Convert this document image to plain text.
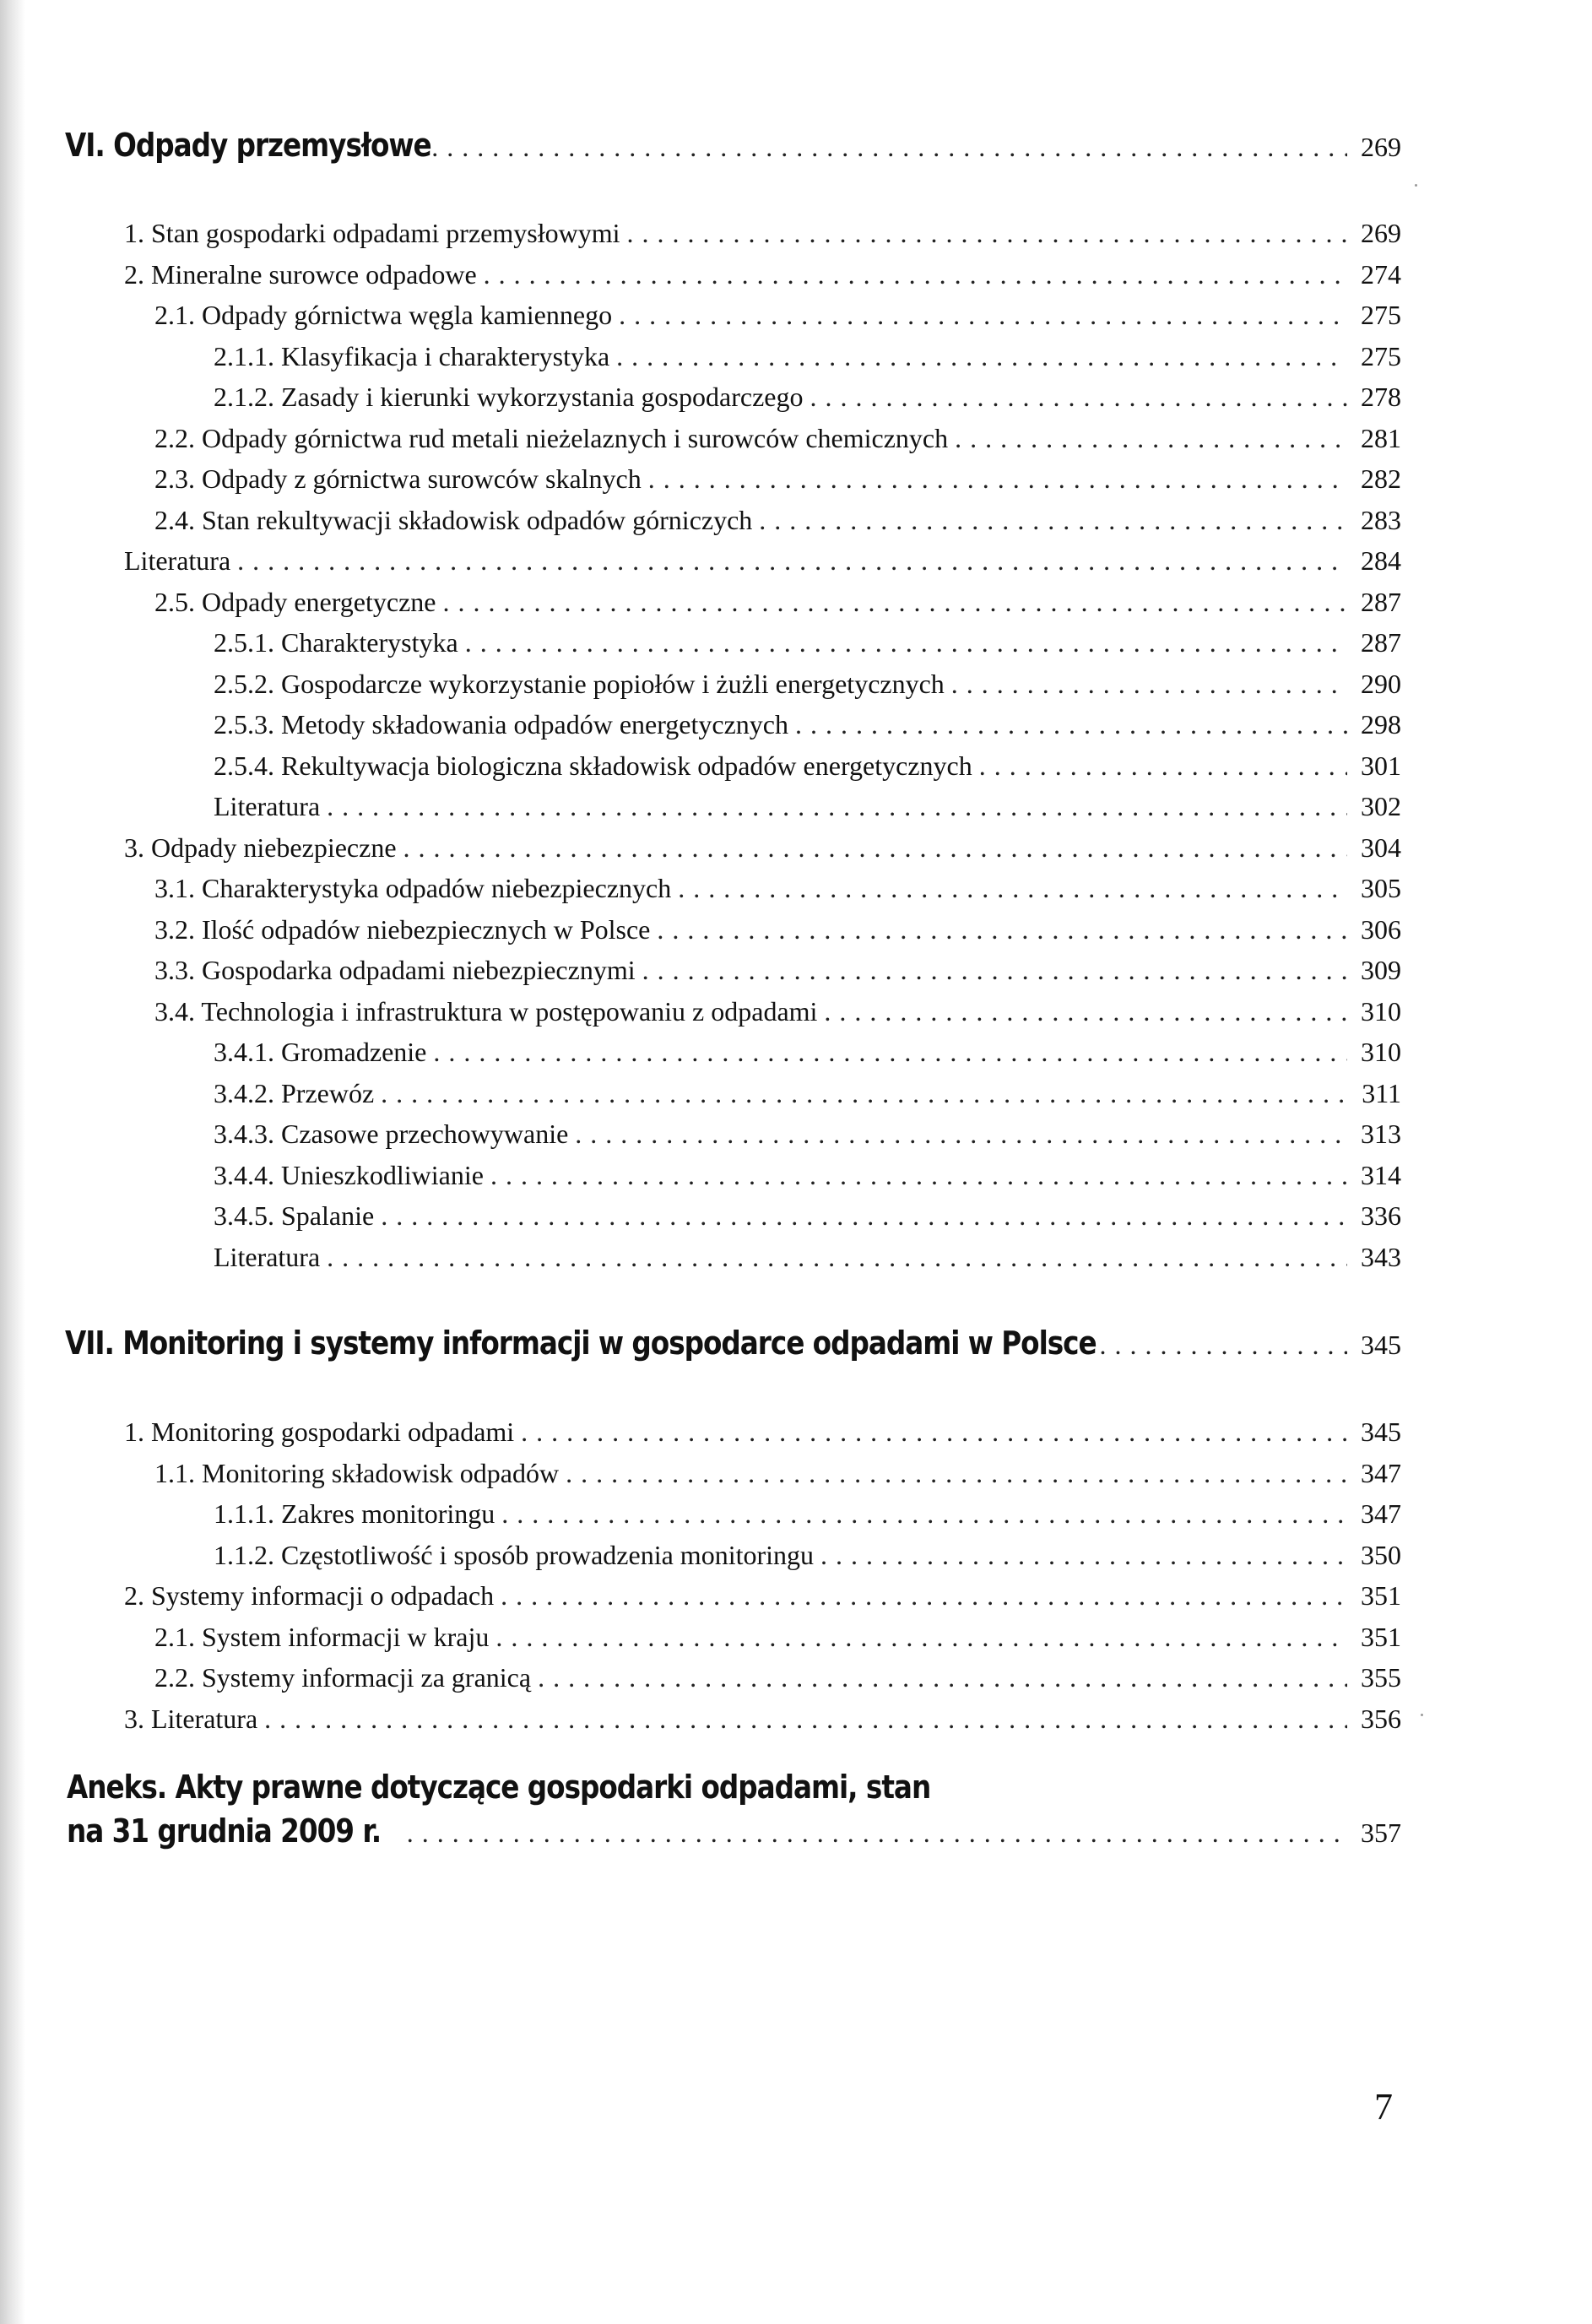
VI. Odpady przemysłowe . . .	269
1. Stan gospodarki odpadami przemysłowymi . . .	269
2. Mineralne surowce odpadowe . . .	274
2.1. Odpady górnictwa węgla kamiennego . . .	275
2.1.1. Klasyfikacja i charakterystyka . . .	275
2.1.2. Zasady i kierunki wykorzystania gospodarczego . . .	278
2.2. Odpady górnictwa rud metali nieżelaznych i surowców chemicznych . . .	281
2.3. Odpady z górnictwa surowców skalnych . . .	282
2.4. Stan rekultywacji składowisk odpadów górniczych . . .	283
Literatura . . .	284
2.5. Odpady energetyczne . . .	287
2.5.1. Charakterystyka . . .	287
2.5.2. Gospodarcze wykorzystanie popiołów i żużli energetycznych . . .	290
2.5.3. Metody składowania odpadów energetycznych . . .	298
2.5.4. Rekultywacja biologiczna składowisk odpadów energetycznych . . .	301
Literatura . . .	302
3. Odpady niebezpieczne . . .	304
3.1. Charakterystyka odpadów niebezpiecznych . . .	305
3.2. Ilość odpadów niebezpiecznych w Polsce . . .	306
3.3. Gospodarka odpadami niebezpiecznymi . . .	309
3.4. Technologia i infrastruktura w postępowaniu z odpadami . . .	310
3.4.1. Gromadzenie . . .	310
3.4.2. Przewóz . . .	311
3.4.3. Czasowe przechowywanie . . .	313
3.4.4. Unieszkodliwianie . . .	314
3.4.5. Spalanie . . .	336
Literatura . . .	343
VII. Monitoring i systemy informacji w gospodarce odpadami w Polsce . . .	345
1. Monitoring gospodarki odpadami . . .	345
1.1. Monitoring składowisk odpadów . . .	347
1.1.1. Zakres monitoringu . . .	347
1.1.2. Częstotliwość i sposób prowadzenia monitoringu . . .	350
2. Systemy informacji o odpadach . . .	351
2.1. System informacji w kraju . . .	351
2.2. Systemy informacji za granicą . . .	355
3. Literatura . . .	356
Aneks. Akty prawne dotyczące gospodarki odpadami, stan
na 31 grudnia 2009 r. . . .	357
7
